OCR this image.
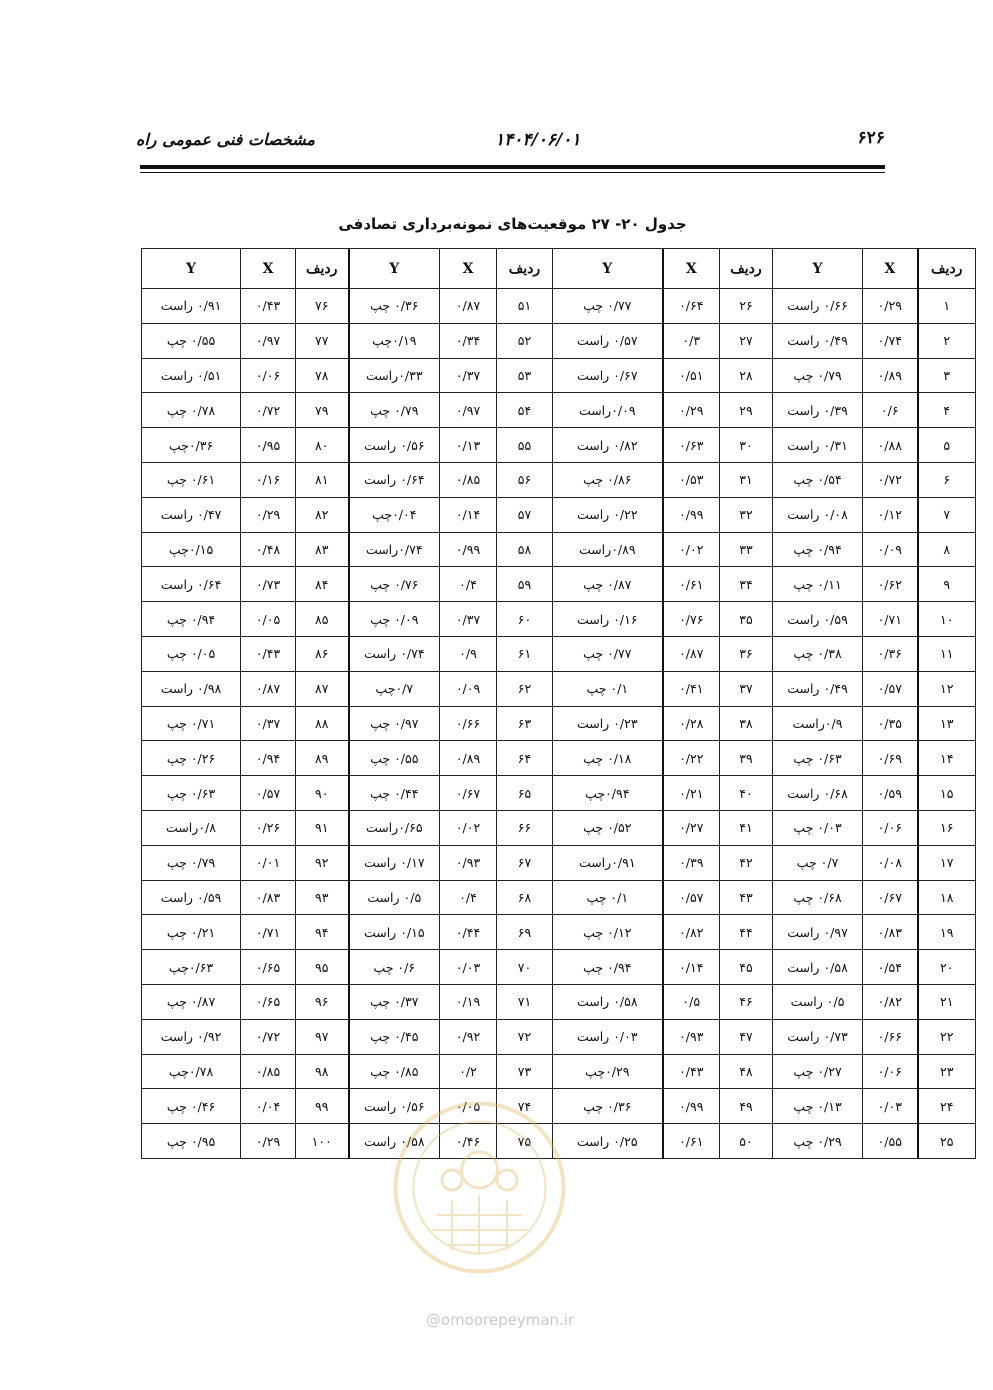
مشخصات فنی عمومی راه	۱۴۰۴/۰۶/۰۱	۶۲۶
جدول ۲۰- ۲۷ موقعیت‌های نمونه‌برداری تصادفی
ردیف	X	Y	ردیف	X	Y	ردیف	X	Y	ردیف	X	Y
۱	۰/۲۹	۰/۶۶ راست	۲۶	۰/۶۴	۰/۷۷ چپ	۵۱	۰/۸۷	۰/۳۶ چپ	۷۶	۰/۴۳	۰/۹۱ راست
۲	۰/۷۴	۰/۴۹ راست	۲۷	۰/۳	۰/۵۷ راست	۵۲	۰/۳۴	۰/۱۹چپ	۷۷	۰/۹۷	۰/۵۵ چپ
۳	۰/۸۹	۰/۷۹ چپ	۲۸	۰/۵۱	۰/۶۷ راست	۵۳	۰/۳۷	۰/۳۳راست	۷۸	۰/۰۶	۰/۵۱ راست
۴	۰/۶	۰/۳۹ راست	۲۹	۰/۲۹	۰/۰۹راست	۵۴	۰/۹۷	۰/۷۹ چپ	۷۹	۰/۷۲	۰/۷۸ چپ
۵	۰/۸۸	۰/۳۱ راست	۳۰	۰/۶۳	۰/۸۲ راست	۵۵	۰/۱۳	۰/۵۶ راست	۸۰	۰/۹۵	۰/۳۶چپ
۶	۰/۷۲	۰/۵۴ چپ	۳۱	۰/۵۳	۰/۸۶ چپ	۵۶	۰/۸۵	۰/۶۴ راست	۸۱	۰/۱۶	۰/۶۱ چپ
۷	۰/۱۲	۰/۰۸ راست	۳۲	۰/۹۹	۰/۲۲ راست	۵۷	۰/۱۴	۰/۰۴چپ	۸۲	۰/۲۹	۰/۴۷ راست
۸	۰/۰۹	۰/۹۴ چپ	۳۳	۰/۰۲	۰/۸۹راست	۵۸	۰/۹۹	۰/۷۴راست	۸۳	۰/۴۸	۰/۱۵چپ
۹	۰/۶۲	۰/۱۱ چپ	۳۴	۰/۶۱	۰/۸۷ چپ	۵۹	۰/۴	۰/۷۶ چپ	۸۴	۰/۷۳	۰/۶۴ راست
۱۰	۰/۷۱	۰/۵۹ راست	۳۵	۰/۷۶	۰/۱۶ راست	۶۰	۰/۳۷	۰/۰۹ چپ	۸۵	۰/۰۵	۰/۹۴ چپ
۱۱	۰/۳۶	۰/۳۸ چپ	۳۶	۰/۸۷	۰/۷۷ چپ	۶۱	۰/۹	۰/۷۴ راست	۸۶	۰/۴۳	۰/۰۵ چپ
۱۲	۰/۵۷	۰/۴۹ راست	۳۷	۰/۴۱	۰/۱ چپ	۶۲	۰/۰۹	۰/۷چپ	۸۷	۰/۸۷	۰/۹۸ راست
۱۳	۰/۳۵	۰/۹راست	۳۸	۰/۲۸	۰/۲۳ راست	۶۳	۰/۶۶	۰/۹۷ چپ	۸۸	۰/۳۷	۰/۷۱ چپ
۱۴	۰/۶۹	۰/۶۳ چپ	۳۹	۰/۲۲	۰/۱۸ چپ	۶۴	۰/۸۹	۰/۵۵ چپ	۸۹	۰/۹۴	۰/۲۶ چپ
۱۵	۰/۵۹	۰/۶۸ راست	۴۰	۰/۲۱	۰/۹۴چپ	۶۵	۰/۶۷	۰/۴۴ چپ	۹۰	۰/۵۷	۰/۶۳ چپ
۱۶	۰/۰۶	۰/۰۳ چپ	۴۱	۰/۲۷	۰/۵۲ چپ	۶۶	۰/۰۲	۰/۶۵راست	۹۱	۰/۲۶	۰/۸راست
۱۷	۰/۰۸	۰/۷ چپ	۴۲	۰/۳۹	۰/۹۱راست	۶۷	۰/۹۳	۰/۱۷ راست	۹۲	۰/۰۱	۰/۷۹ چپ
۱۸	۰/۶۷	۰/۶۸ چپ	۴۳	۰/۵۷	۰/۱ چپ	۶۸	۰/۴	۰/۵ راست	۹۳	۰/۸۳	۰/۵۹ راست
۱۹	۰/۸۳	۰/۹۷ راست	۴۴	۰/۸۲	۰/۱۲ چپ	۶۹	۰/۴۴	۰/۱۵ راست	۹۴	۰/۷۱	۰/۲۱ چپ
۲۰	۰/۵۴	۰/۵۸ راست	۴۵	۰/۱۴	۰/۹۴ چپ	۷۰	۰/۰۳	۰/۶ چپ	۹۵	۰/۶۵	۰/۶۳چپ
۲۱	۰/۸۲	۰/۵ راست	۴۶	۰/۵	۰/۵۸ راست	۷۱	۰/۱۹	۰/۳۷ چپ	۹۶	۰/۶۵	۰/۸۷ چپ
۲۲	۰/۶۶	۰/۷۳ راست	۴۷	۰/۹۳	۰/۰۳ راست	۷۲	۰/۹۲	۰/۴۵ چپ	۹۷	۰/۷۲	۰/۹۲ راست
۲۳	۰/۰۶	۰/۲۷ چپ	۴۸	۰/۴۳	۰/۲۹چپ	۷۳	۰/۲	۰/۸۵ چپ	۹۸	۰/۸۵	۰/۷۸چپ
۲۴	۰/۰۳	۰/۱۳ چپ	۴۹	۰/۹۹	۰/۳۶ چپ	۷۴	۰/۰۵	۰/۵۶ راست	۹۹	۰/۰۴	۰/۴۶ چپ
۲۵	۰/۵۵	۰/۲۹ چپ	۵۰	۰/۶۱	۰/۲۵ راست	۷۵	۰/۴۶	۰/۵۸ راست	۱۰۰	۰/۲۹	۰/۹۵ چپ
@omoorepeyman.ir
